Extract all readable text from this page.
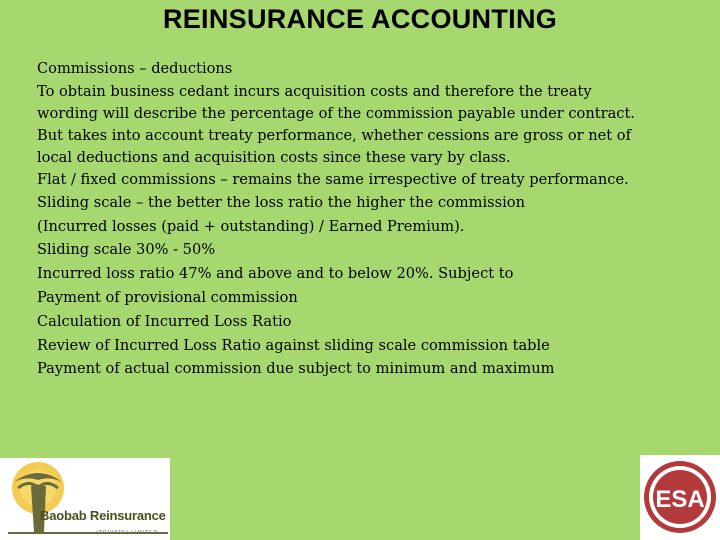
REINSURANCE ACCOUNTING

Commissions – deductions

To obtain business cedant incurs acquisition costs and therefore the treaty wording will describe the percentage of the commission payable under contract. But takes into account treaty performance, whether cessions are gross or net of local deductions and acquisition costs since these vary by class.

Flat / fixed commissions – remains the same irrespective of treaty performance.

Sliding scale – the better the loss ratio the higher the commission

(Incurred losses (paid + outstanding) / Earned Premium).

Sliding scale 30% - 50%

Incurred loss ratio 47% and above and to below 20%. Subject to

Payment of provisional commission

Calculation of Incurred Loss Ratio

Review of Incurred Loss Ratio against sliding scale commission table

Payment of actual commission due subject to minimum and maximum

Baobab Reinsurance
(PRIVATE) LIMITED
ESA
